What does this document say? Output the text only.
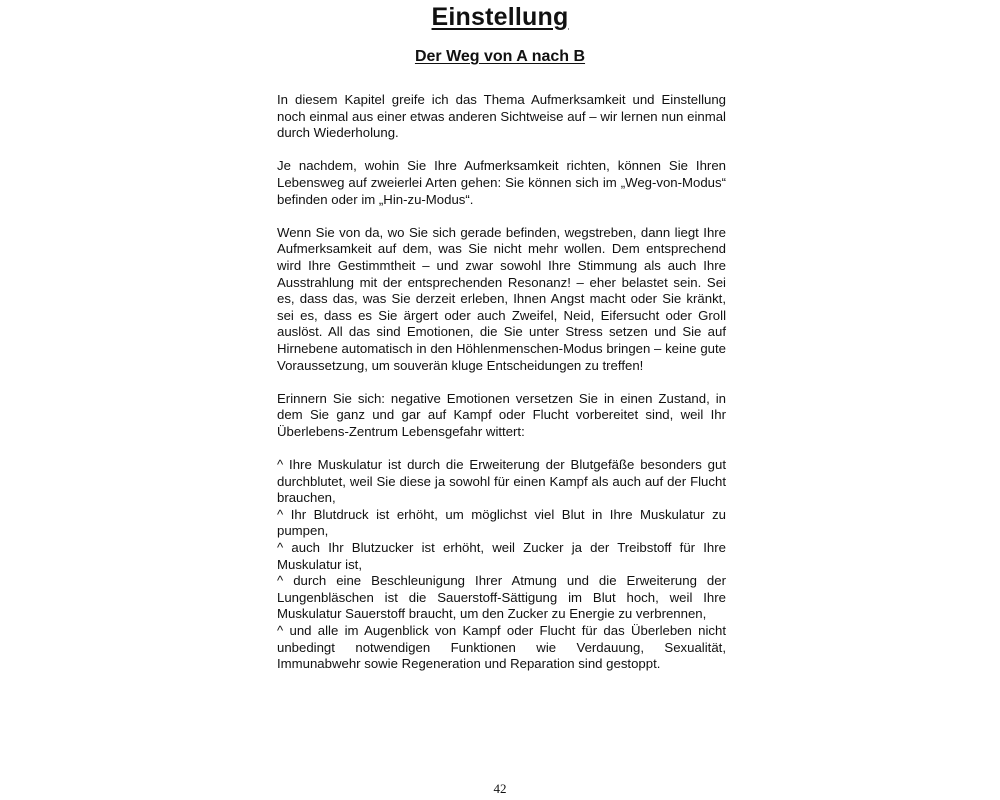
Einstellung
Der Weg von A nach B

In diesem Kapitel greife ich das Thema Aufmerksamkeit und Einstellung noch einmal aus einer etwas anderen Sichtweise auf – wir lernen nun einmal durch Wiederholung.

Je nachdem, wohin Sie Ihre Aufmerksamkeit richten, können Sie Ihren Lebensweg auf zweierlei Arten gehen: Sie können sich im „Weg-von-Modus“ befinden oder im „Hin-zu-Modus“.

Wenn Sie von da, wo Sie sich gerade befinden, wegstreben, dann liegt Ihre Aufmerksamkeit auf dem, was Sie nicht mehr wollen. Dem entsprechend wird Ihre Gestimmtheit – und zwar sowohl Ihre Stimmung als auch Ihre Ausstrahlung mit der entsprechenden Resonanz! – eher belastet sein. Sei es, dass das, was Sie derzeit erleben, Ihnen Angst macht oder Sie kränkt, sei es, dass es Sie ärgert oder auch Zweifel, Neid, Eifersucht oder Groll auslöst. All das sind Emotionen, die Sie unter Stress setzen und Sie auf Hirnebene automatisch in den Höhlenmenschen-Modus bringen – keine gute Voraussetzung, um souverän kluge Entscheidungen zu treffen!

Erinnern Sie sich: negative Emotionen versetzen Sie in einen Zustand, in dem Sie ganz und gar auf Kampf oder Flucht vorbereitet sind, weil Ihr Überlebens-Zentrum Lebensgefahr wittert:

^ Ihre Muskulatur ist durch die Erweiterung der Blutgefäße besonders gut durchblutet, weil Sie diese ja sowohl für einen Kampf als auch auf der Flucht brauchen,
^ Ihr Blutdruck ist erhöht, um möglichst viel Blut in Ihre Muskulatur zu pumpen,
^ auch Ihr Blutzucker ist erhöht, weil Zucker ja der Treibstoff für Ihre Muskulatur ist,
^ durch eine Beschleunigung Ihrer Atmung und die Erweiterung der Lungenbläschen ist die Sauerstoff-Sättigung im Blut hoch, weil Ihre Muskulatur Sauerstoff braucht, um den Zucker zu Energie zu verbrennen,
^ und alle im Augenblick von Kampf oder Flucht für das Überleben nicht unbedingt notwendigen Funktionen wie Verdauung, Sexualität, Immunabwehr sowie Regeneration und Reparation sind gestoppt.
42
